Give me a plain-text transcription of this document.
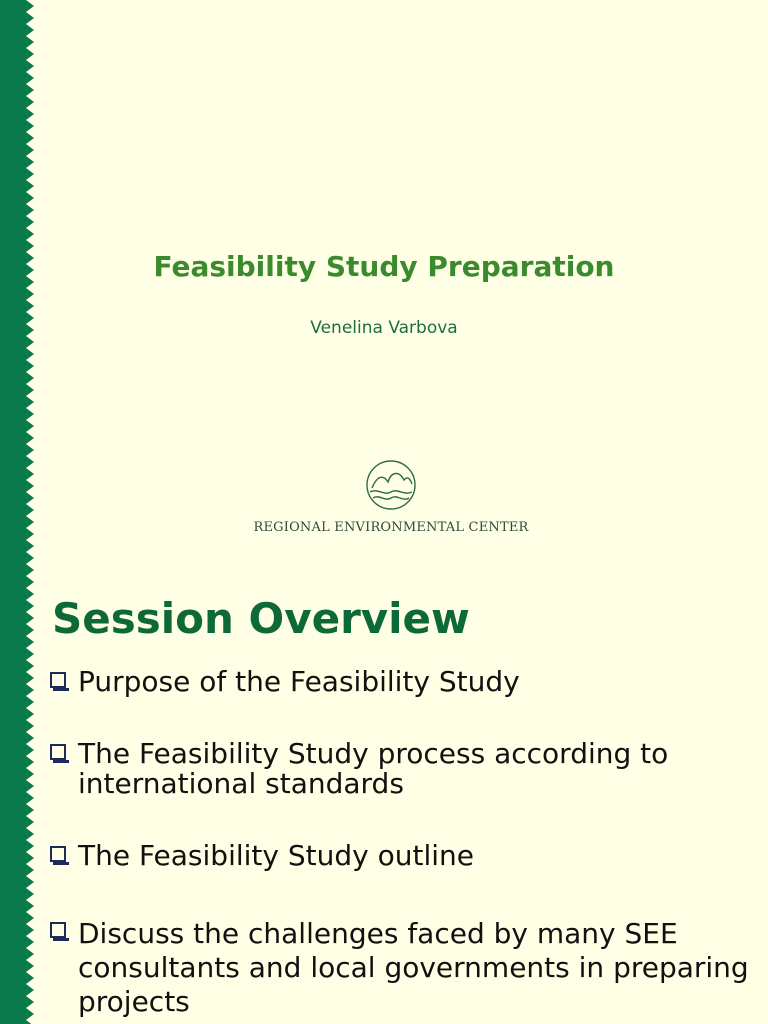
Feasibility Study Preparation
Venelina Varbova
REGIONAL ENVIRONMENTAL CENTER
Session Overview
Purpose of the Feasibility Study
The Feasibility Study process according to international standards
The Feasibility Study outline
Discuss the challenges faced by many SEE consultants and local governments in preparing projects
